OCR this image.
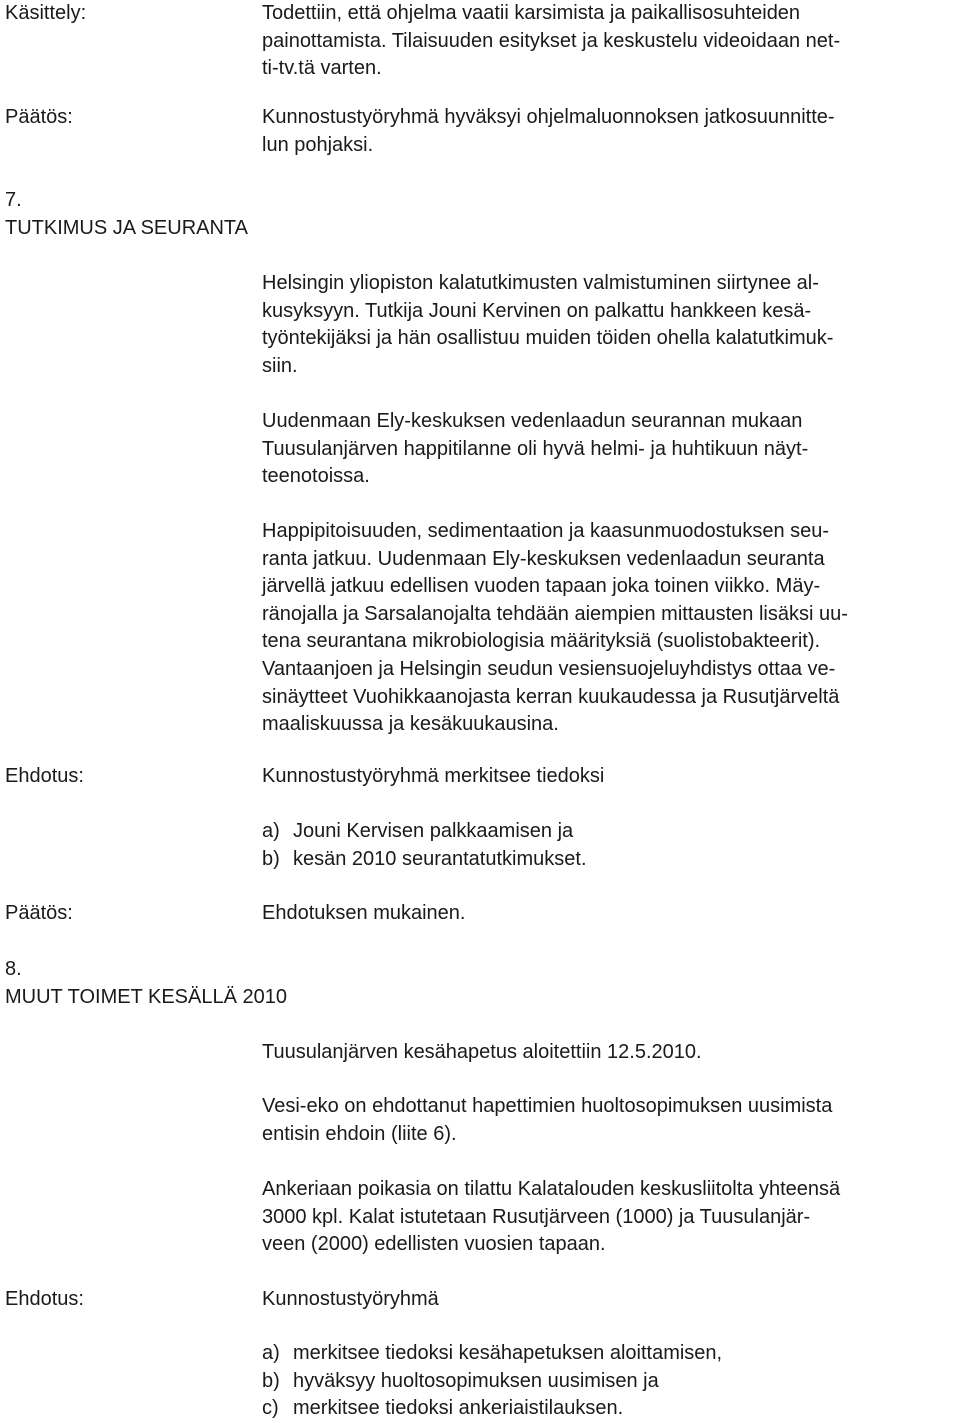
Käsittely:	Todettiin, että ohjelma vaatii karsimista ja paikallisosuhteiden
painottamista. Tilaisuuden esitykset ja keskustelu videoidaan net-
ti-tv.tä varten.
Päätös:	Kunnostustyöryhmä hyväksyi ohjelmaluonnoksen jatkosuunnitte-
lun pohjaksi.
7.
TUTKIMUS JA SEURANTA
Helsingin yliopiston kalatutkimusten valmistuminen siirtynee al-
kusyksyyn. Tutkija Jouni Kervinen on palkattu hankkeen kesä-
työntekijäksi ja hän osallistuu muiden töiden ohella kalatutkimuk-
siin.
Uudenmaan Ely-keskuksen vedenlaadun seurannan mukaan
Tuusulanjärven happitilanne oli hyvä helmi- ja huhtikuun näyt-
teenotoissa.
Happipitoisuuden, sedimentaation ja kaasunmuodostuksen seu-
ranta jatkuu. Uudenmaan Ely-keskuksen vedenlaadun seuranta
järvellä jatkuu edellisen vuoden tapaan joka toinen viikko. Mäy-
ränojalla ja Sarsalanojalta tehdään aiempien mittausten lisäksi uu-
tena seurantana mikrobiologisia määrityksiä (suolistobakteerit).
Vantaanjoen ja Helsingin seudun vesiensuojeluyhdistys ottaa ve-
sinäytteet Vuohikkaanojasta kerran kuukaudessa ja Rusutjärveltä
maaliskuussa ja kesäkuukausina.
Ehdotus:	Kunnostustyöryhmä merkitsee tiedoksi
a) Jouni Kervisen palkkaamisen ja
b) kesän 2010 seurantatutkimukset.
Päätös:	Ehdotuksen mukainen.
8.
MUUT TOIMET KESÄLLÄ 2010
Tuusulanjärven kesähapetus aloitettiin 12.5.2010.
Vesi-eko on ehdottanut hapettimien huoltosopimuksen uusimista
entisin ehdoin (liite 6).
Ankeriaan poikasia on tilattu Kalatalouden keskusliitolta yhteensä
3000 kpl. Kalat istutetaan Rusutjärveen (1000) ja Tuusulanjär-
veen (2000) edellisten vuosien tapaan.
Ehdotus:	Kunnostustyöryhmä
a) merkitsee tiedoksi kesähapetuksen aloittamisen,
b) hyväksyy huoltosopimuksen uusimisen ja
c) merkitsee tiedoksi ankeriaistilauksen.
